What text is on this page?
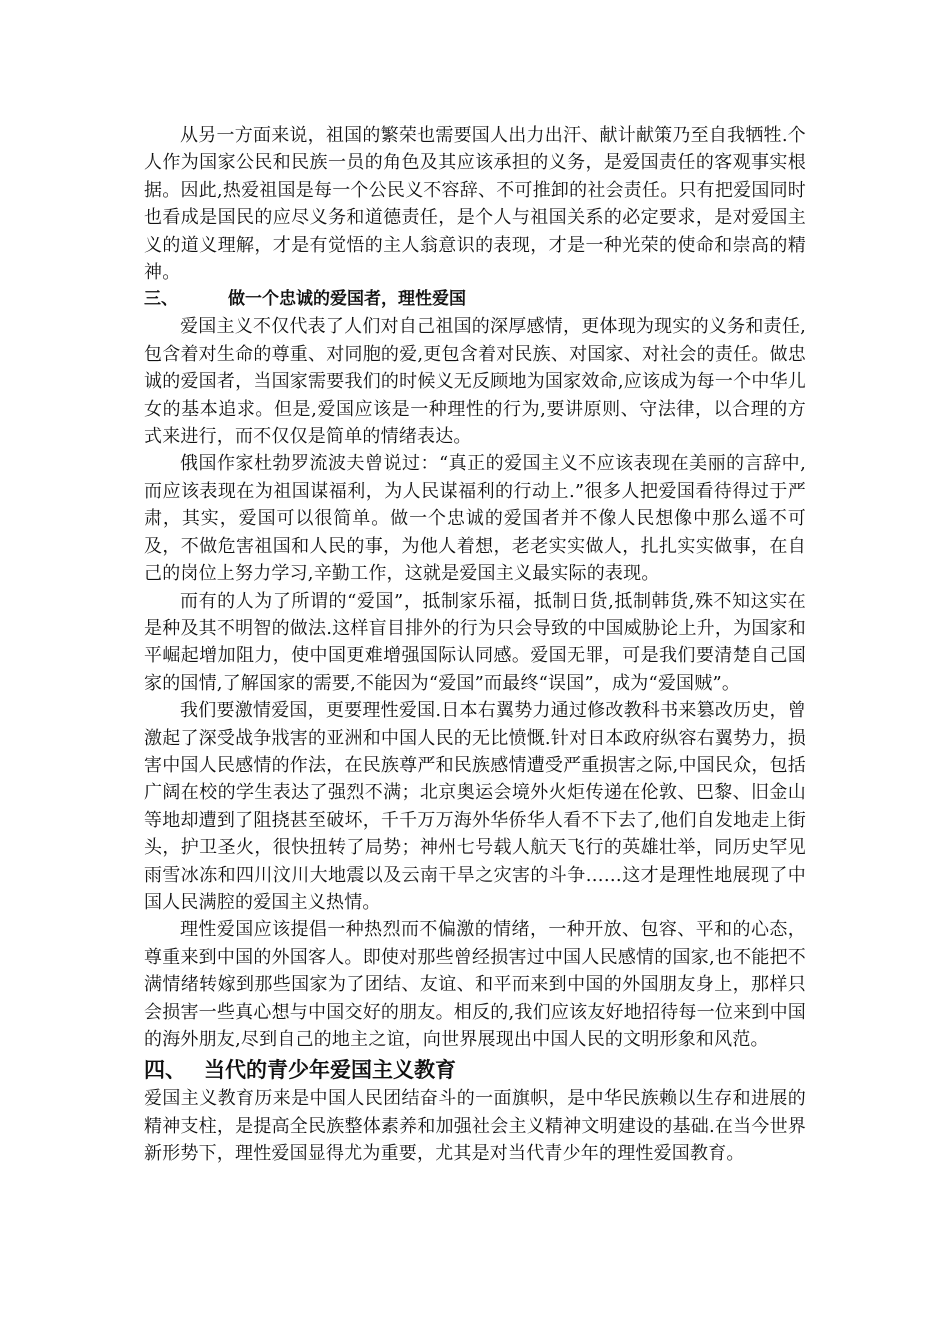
从另一方面来说，祖国的繁荣也需要国人出力出汗、献计献策乃至自我牺牲.个人作为国家公民和民族一员的角色及其应该承担的义务，是爱国责任的客观事实根据。因此,热爱祖国是每一个公民义不容辞、不可推卸的社会责任。只有把爱国同时也看成是国民的应尽义务和道德责任，是个人与祖国关系的必定要求，是对爱国主义的道义理解，才是有觉悟的主人翁意识的表现，才是一种光荣的使命和崇高的精神。

三、	做一个忠诚的爱国者，理性爱国

爱国主义不仅代表了人们对自己祖国的深厚感情，更体现为现实的义务和责任,包含着对生命的尊重、对同胞的爱,更包含着对民族、对国家、对社会的责任。做忠诚的爱国者，当国家需要我们的时候义无反顾地为国家效命,应该成为每一个中华儿女的基本追求。但是,爱国应该是一种理性的行为,要讲原则、守法律，以合理的方式来进行，而不仅仅是简单的情绪表达。

俄国作家杜勃罗流波夫曾说过：“真正的爱国主义不应该表现在美丽的言辞中,而应该表现在为祖国谋福利，为人民谋福利的行动上.”很多人把爱国看待得过于严肃，其实，爱国可以很简单。做一个忠诚的爱国者并不像人民想像中那么遥不可及，不做危害祖国和人民的事，为他人着想，老老实实做人，扎扎实实做事，在自己的岗位上努力学习,辛勤工作，这就是爱国主义最实际的表现。

而有的人为了所谓的“爱国”，抵制家乐福，抵制日货,抵制韩货,殊不知这实在是种及其不明智的做法.这样盲目排外的行为只会导致的中国威胁论上升，为国家和平崛起增加阻力，使中国更难增强国际认同感。爱国无罪，可是我们要清楚自己国家的国情,了解国家的需要,不能因为“爱国”而最终“误国”，成为“爱国贼”。

我们要激情爱国，更要理性爱国.日本右翼势力通过修改教科书来篡改历史，曾激起了深受战争戕害的亚洲和中国人民的无比愤慨.针对日本政府纵容右翼势力，损害中国人民感情的作法，在民族尊严和民族感情遭受严重损害之际,中国民众，包括广阔在校的学生表达了强烈不满；北京奥运会境外火炬传递在伦敦、巴黎、旧金山等地却遭到了阻挠甚至破坏，千千万万海外华侨华人看不下去了,他们自发地走上街头，护卫圣火，很快扭转了局势；神州七号载人航天飞行的英雄壮举，同历史罕见雨雪冰冻和四川汶川大地震以及云南干旱之灾害的斗争……这才是理性地展现了中国人民满腔的爱国主义热情。

理性爱国应该提倡一种热烈而不偏激的情绪，一种开放、包容、平和的心态，尊重来到中国的外国客人。即使对那些曾经损害过中国人民感情的国家,也不能把不满情绪转嫁到那些国家为了团结、友谊、和平而来到中国的外国朋友身上，那样只会损害一些真心想与中国交好的朋友。相反的,我们应该友好地招待每一位来到中国的海外朋友,尽到自己的地主之谊，向世界展现出中国人民的文明形象和风范。

四、 当代的青少年爱国主义教育

爱国主义教育历来是中国人民团结奋斗的一面旗帜，是中华民族赖以生存和进展的精神支柱，是提高全民族整体素养和加强社会主义精神文明建设的基础.在当今世界新形势下，理性爱国显得尤为重要，尤其是对当代青少年的理性爱国教育。
